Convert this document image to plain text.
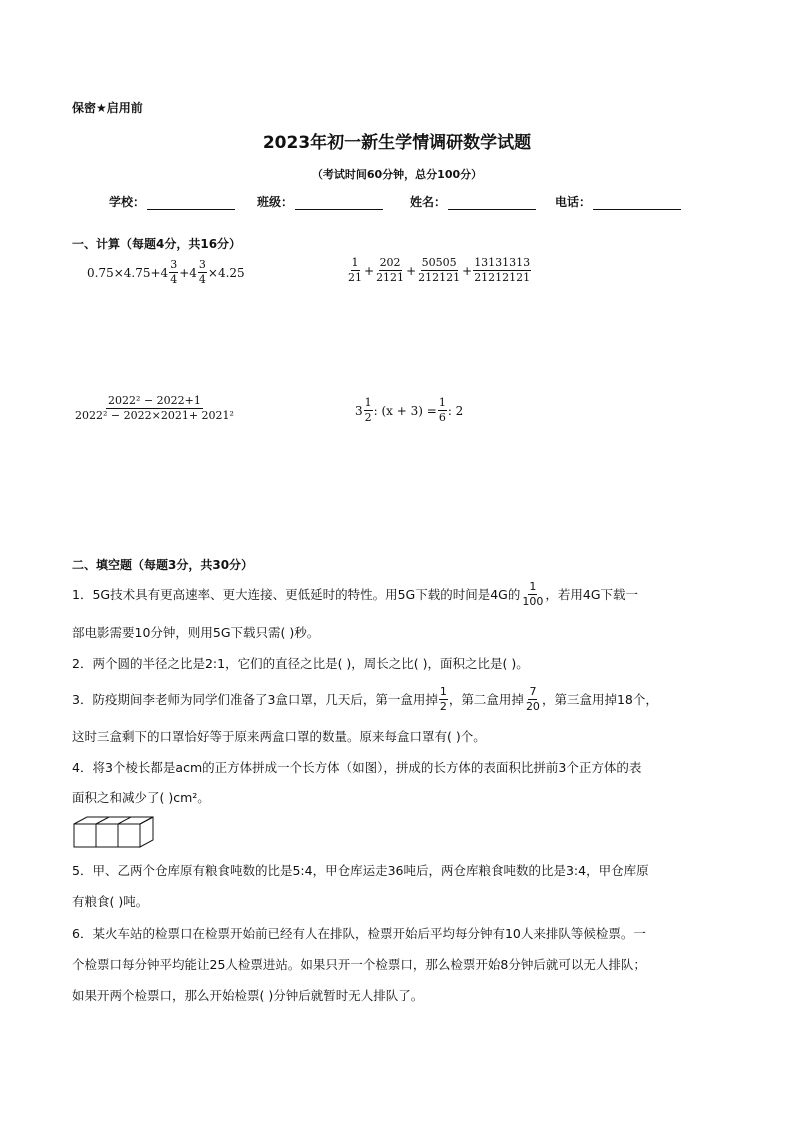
保密★启用前
2023年初一新生学情调研数学试题
（考试时间60分钟，总分100分）
学校：	班级：	姓名：	电话：
一、计算（每题4分，共16分）
$0.75\times 4.75+4 \frac{3}{4} +4 \frac{3}{4} \times 4.25$	$\frac{1}{21} + \frac{202}{2121} + \frac{50505}{212121} + \frac{13131313}{21212121}$
$\frac{\text{2022² − 2022+1}}{\text{2022² − 2022×2021+ 2021²}}$	$3 \frac{1}{2}$ : $(x + 3) = \frac{1}{6}$ : 2
二、填空题（每题3分，共30分）
1．5G技术具有更高速率、更大连接、更低延时的特性。用5G下载的时间是4G的 $\frac{1}{100}$ ，若用4G下载一
部电影需要10分钟，则用5G下载只需( )秒。
2．两个圆的半径之比是2:1，它们的直径之比是( )，周长之比( )，面积之比是( )。
3．防疫期间李老师为同学们准备了3盒口罩，几天后，第一盒用掉 $\frac{1}{2}$ ，第二盒用掉 $\frac{7}{20}$ ，第三盒用掉18个，
这时三盒剩下的口罩恰好等于原来两盒口罩的数量。原来每盒口罩有( )个。
4．将3个棱长都是acm的正方体拼成一个长方体（如图），拼成的长方体的表面积比拼前3个正方体的表
面积之和减少了( )cm²。
5．甲、乙两个仓库原有粮食吨数的比是5:4，甲仓库运走36吨后，两仓库粮食吨数的比是3:4，甲仓库原
有粮食( )吨。
6．某火车站的检票口在检票开始前已经有人在排队，检票开始后平均每分钟有10人来排队等候检票。一
个检票口每分钟平均能让25人检票进站。如果只开一个检票口，那么检票开始8分钟后就可以无人排队；
如果开两个检票口，那么开始检票( )分钟后就暂时无人排队了。
